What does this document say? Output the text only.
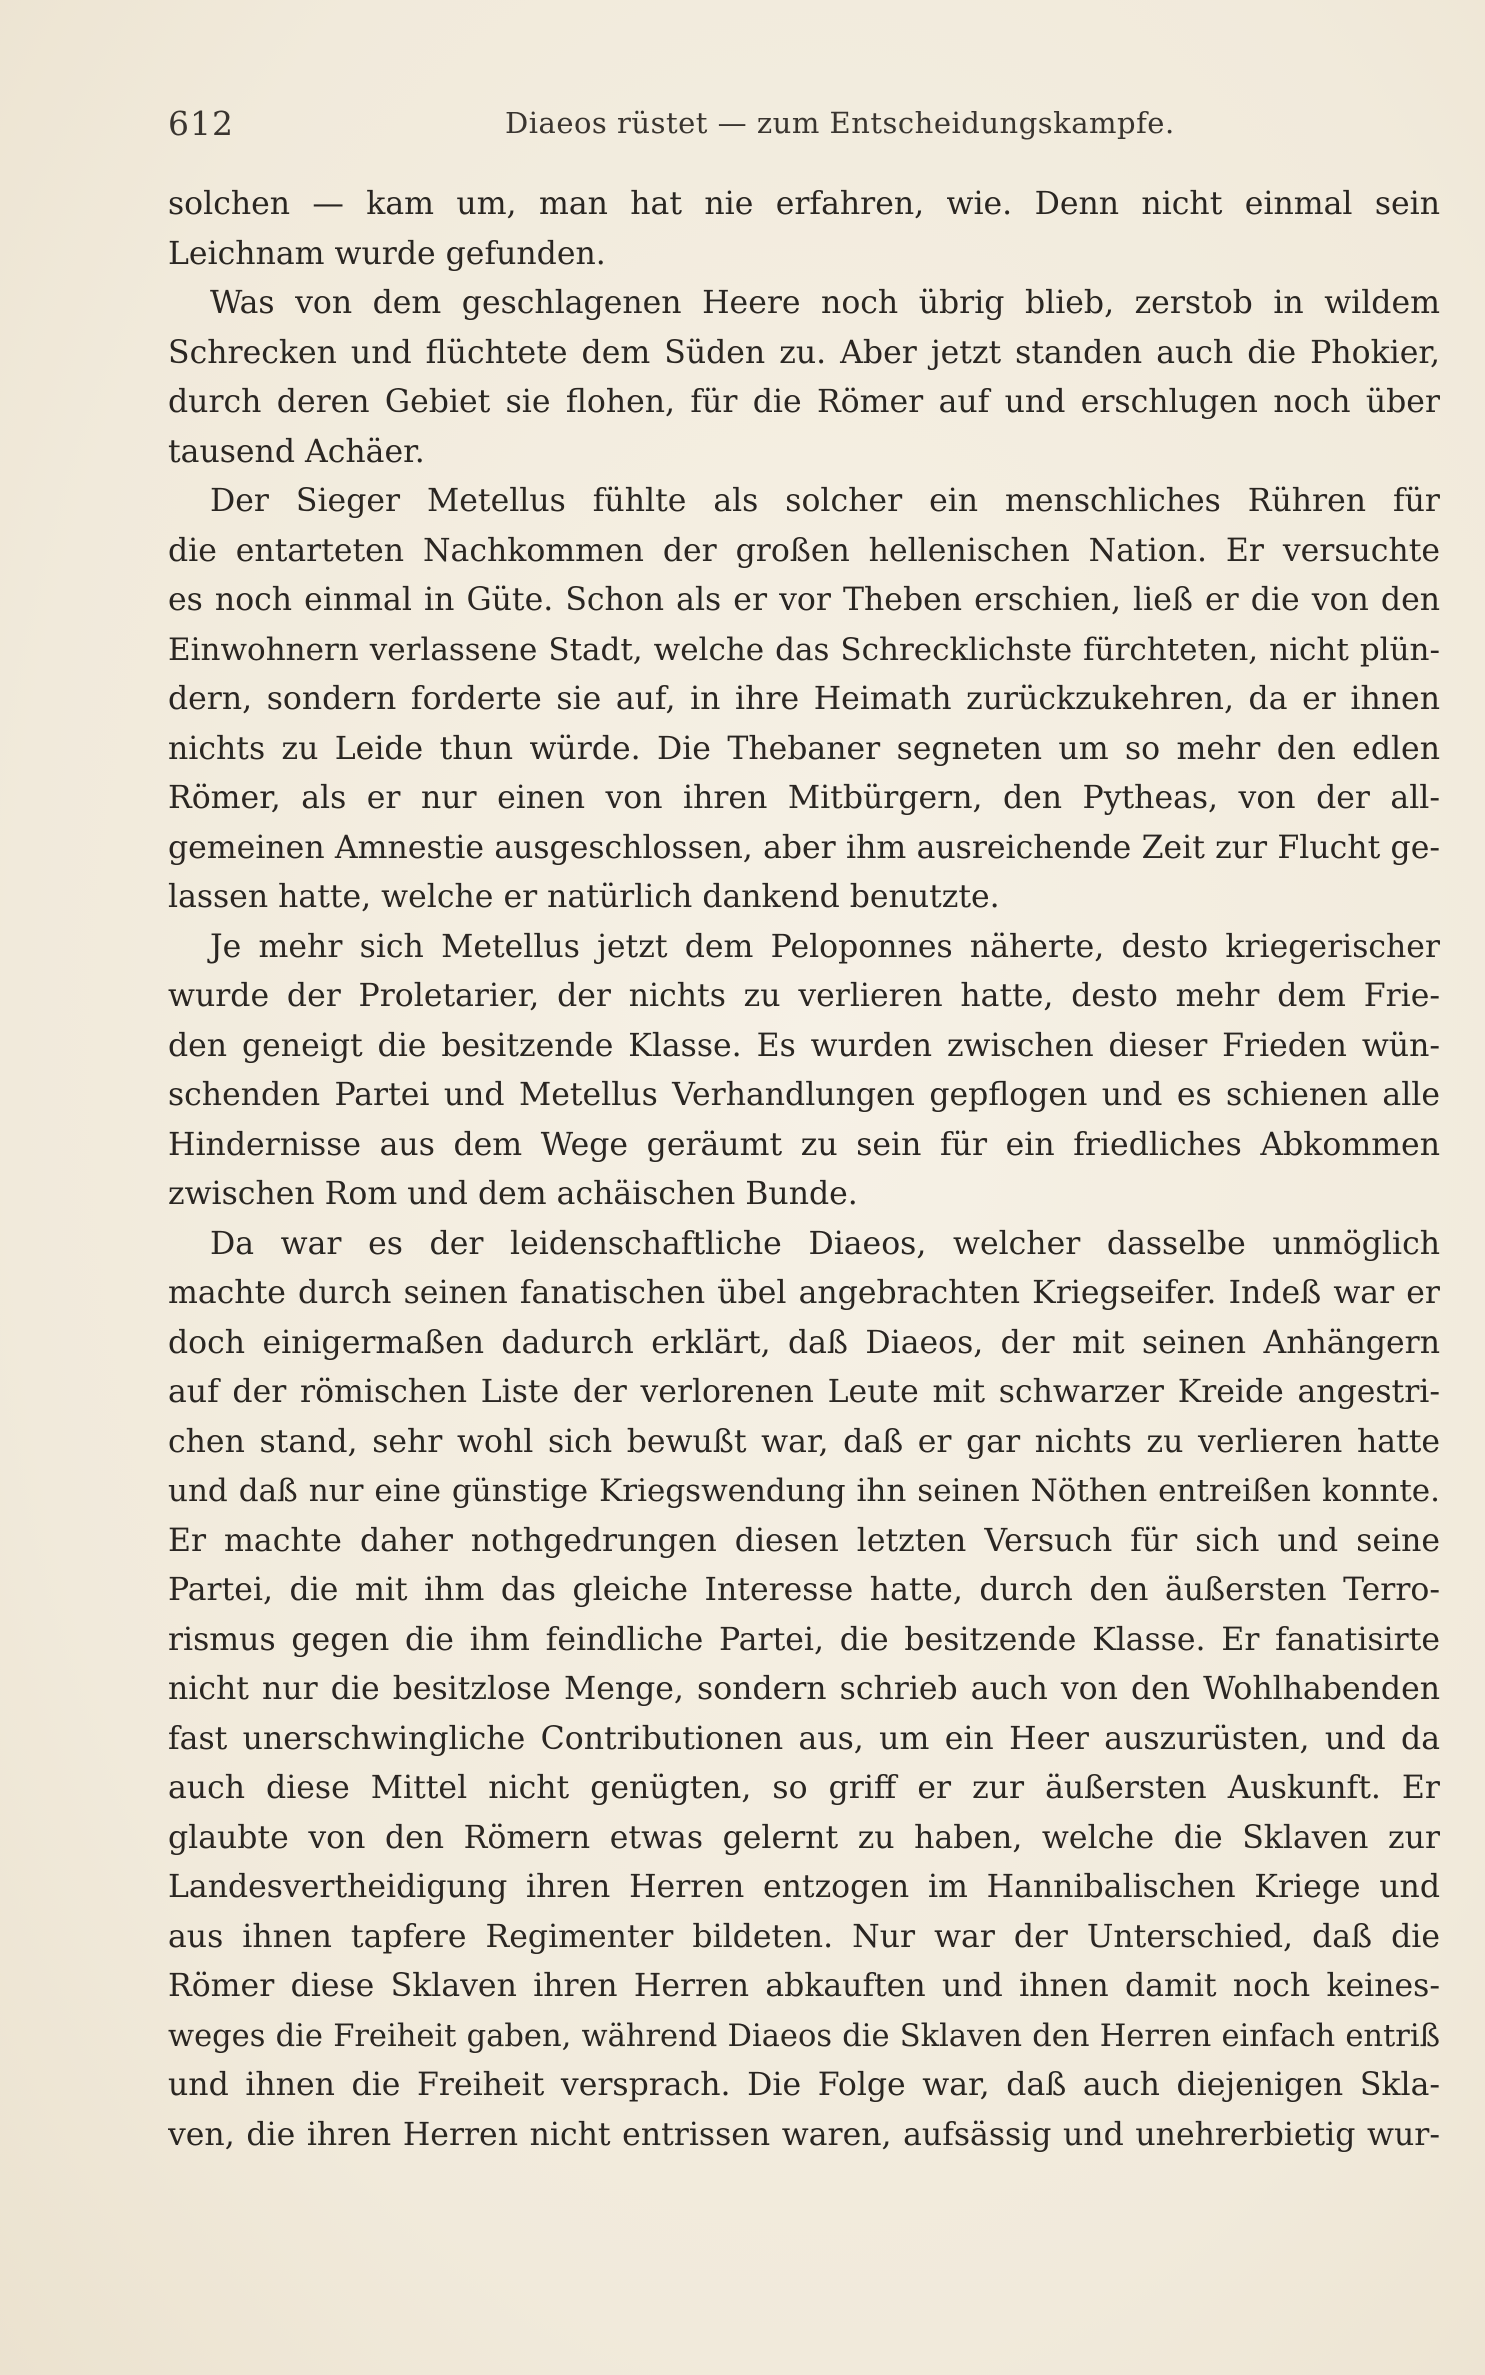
612	Diaeos rüstet — zum Entscheidungskampfe.
solchen — kam um, man hat nie erfahren, wie. Denn nicht einmal sein
Leichnam wurde gefunden.
Was von dem geschlagenen Heere noch übrig blieb, zerstob in wildem
Schrecken und flüchtete dem Süden zu. Aber jetzt standen auch die Phokier,
durch deren Gebiet sie flohen, für die Römer auf und erschlugen noch über
tausend Achäer.
Der Sieger Metellus fühlte als solcher ein menschliches Rühren für
die entarteten Nachkommen der großen hellenischen Nation. Er versuchte
es noch einmal in Güte. Schon als er vor Theben erschien, ließ er die von den
Einwohnern verlassene Stadt, welche das Schrecklichste fürchteten, nicht plün-
dern, sondern forderte sie auf, in ihre Heimath zurückzukehren, da er ihnen
nichts zu Leide thun würde. Die Thebaner segneten um so mehr den edlen
Römer, als er nur einen von ihren Mitbürgern, den Pytheas, von der all-
gemeinen Amnestie ausgeschlossen, aber ihm ausreichende Zeit zur Flucht ge-
lassen hatte, welche er natürlich dankend benutzte.
Je mehr sich Metellus jetzt dem Peloponnes näherte, desto kriegerischer
wurde der Proletarier, der nichts zu verlieren hatte, desto mehr dem Frie-
den geneigt die besitzende Klasse. Es wurden zwischen dieser Frieden wün-
schenden Partei und Metellus Verhandlungen gepflogen und es schienen alle
Hindernisse aus dem Wege geräumt zu sein für ein friedliches Abkommen
zwischen Rom und dem achäischen Bunde.
Da war es der leidenschaftliche Diaeos, welcher dasselbe unmöglich
machte durch seinen fanatischen übel angebrachten Kriegseifer. Indeß war er
doch einigermaßen dadurch erklärt, daß Diaeos, der mit seinen Anhängern
auf der römischen Liste der verlorenen Leute mit schwarzer Kreide angestri-
chen stand, sehr wohl sich bewußt war, daß er gar nichts zu verlieren hatte
und daß nur eine günstige Kriegswendung ihn seinen Nöthen entreißen konnte.
Er machte daher nothgedrungen diesen letzten Versuch für sich und seine
Partei, die mit ihm das gleiche Interesse hatte, durch den äußersten Terro-
rismus gegen die ihm feindliche Partei, die besitzende Klasse. Er fanatisirte
nicht nur die besitzlose Menge, sondern schrieb auch von den Wohlhabenden
fast unerschwingliche Contributionen aus, um ein Heer auszurüsten, und da
auch diese Mittel nicht genügten, so griff er zur äußersten Auskunft. Er
glaubte von den Römern etwas gelernt zu haben, welche die Sklaven zur
Landesvertheidigung ihren Herren entzogen im Hannibalischen Kriege und
aus ihnen tapfere Regimenter bildeten. Nur war der Unterschied, daß die
Römer diese Sklaven ihren Herren abkauften und ihnen damit noch keines-
weges die Freiheit gaben, während Diaeos die Sklaven den Herren einfach entriß
und ihnen die Freiheit versprach. Die Folge war, daß auch diejenigen Skla-
ven, die ihren Herren nicht entrissen waren, aufsässig und unehrerbietig wur-
